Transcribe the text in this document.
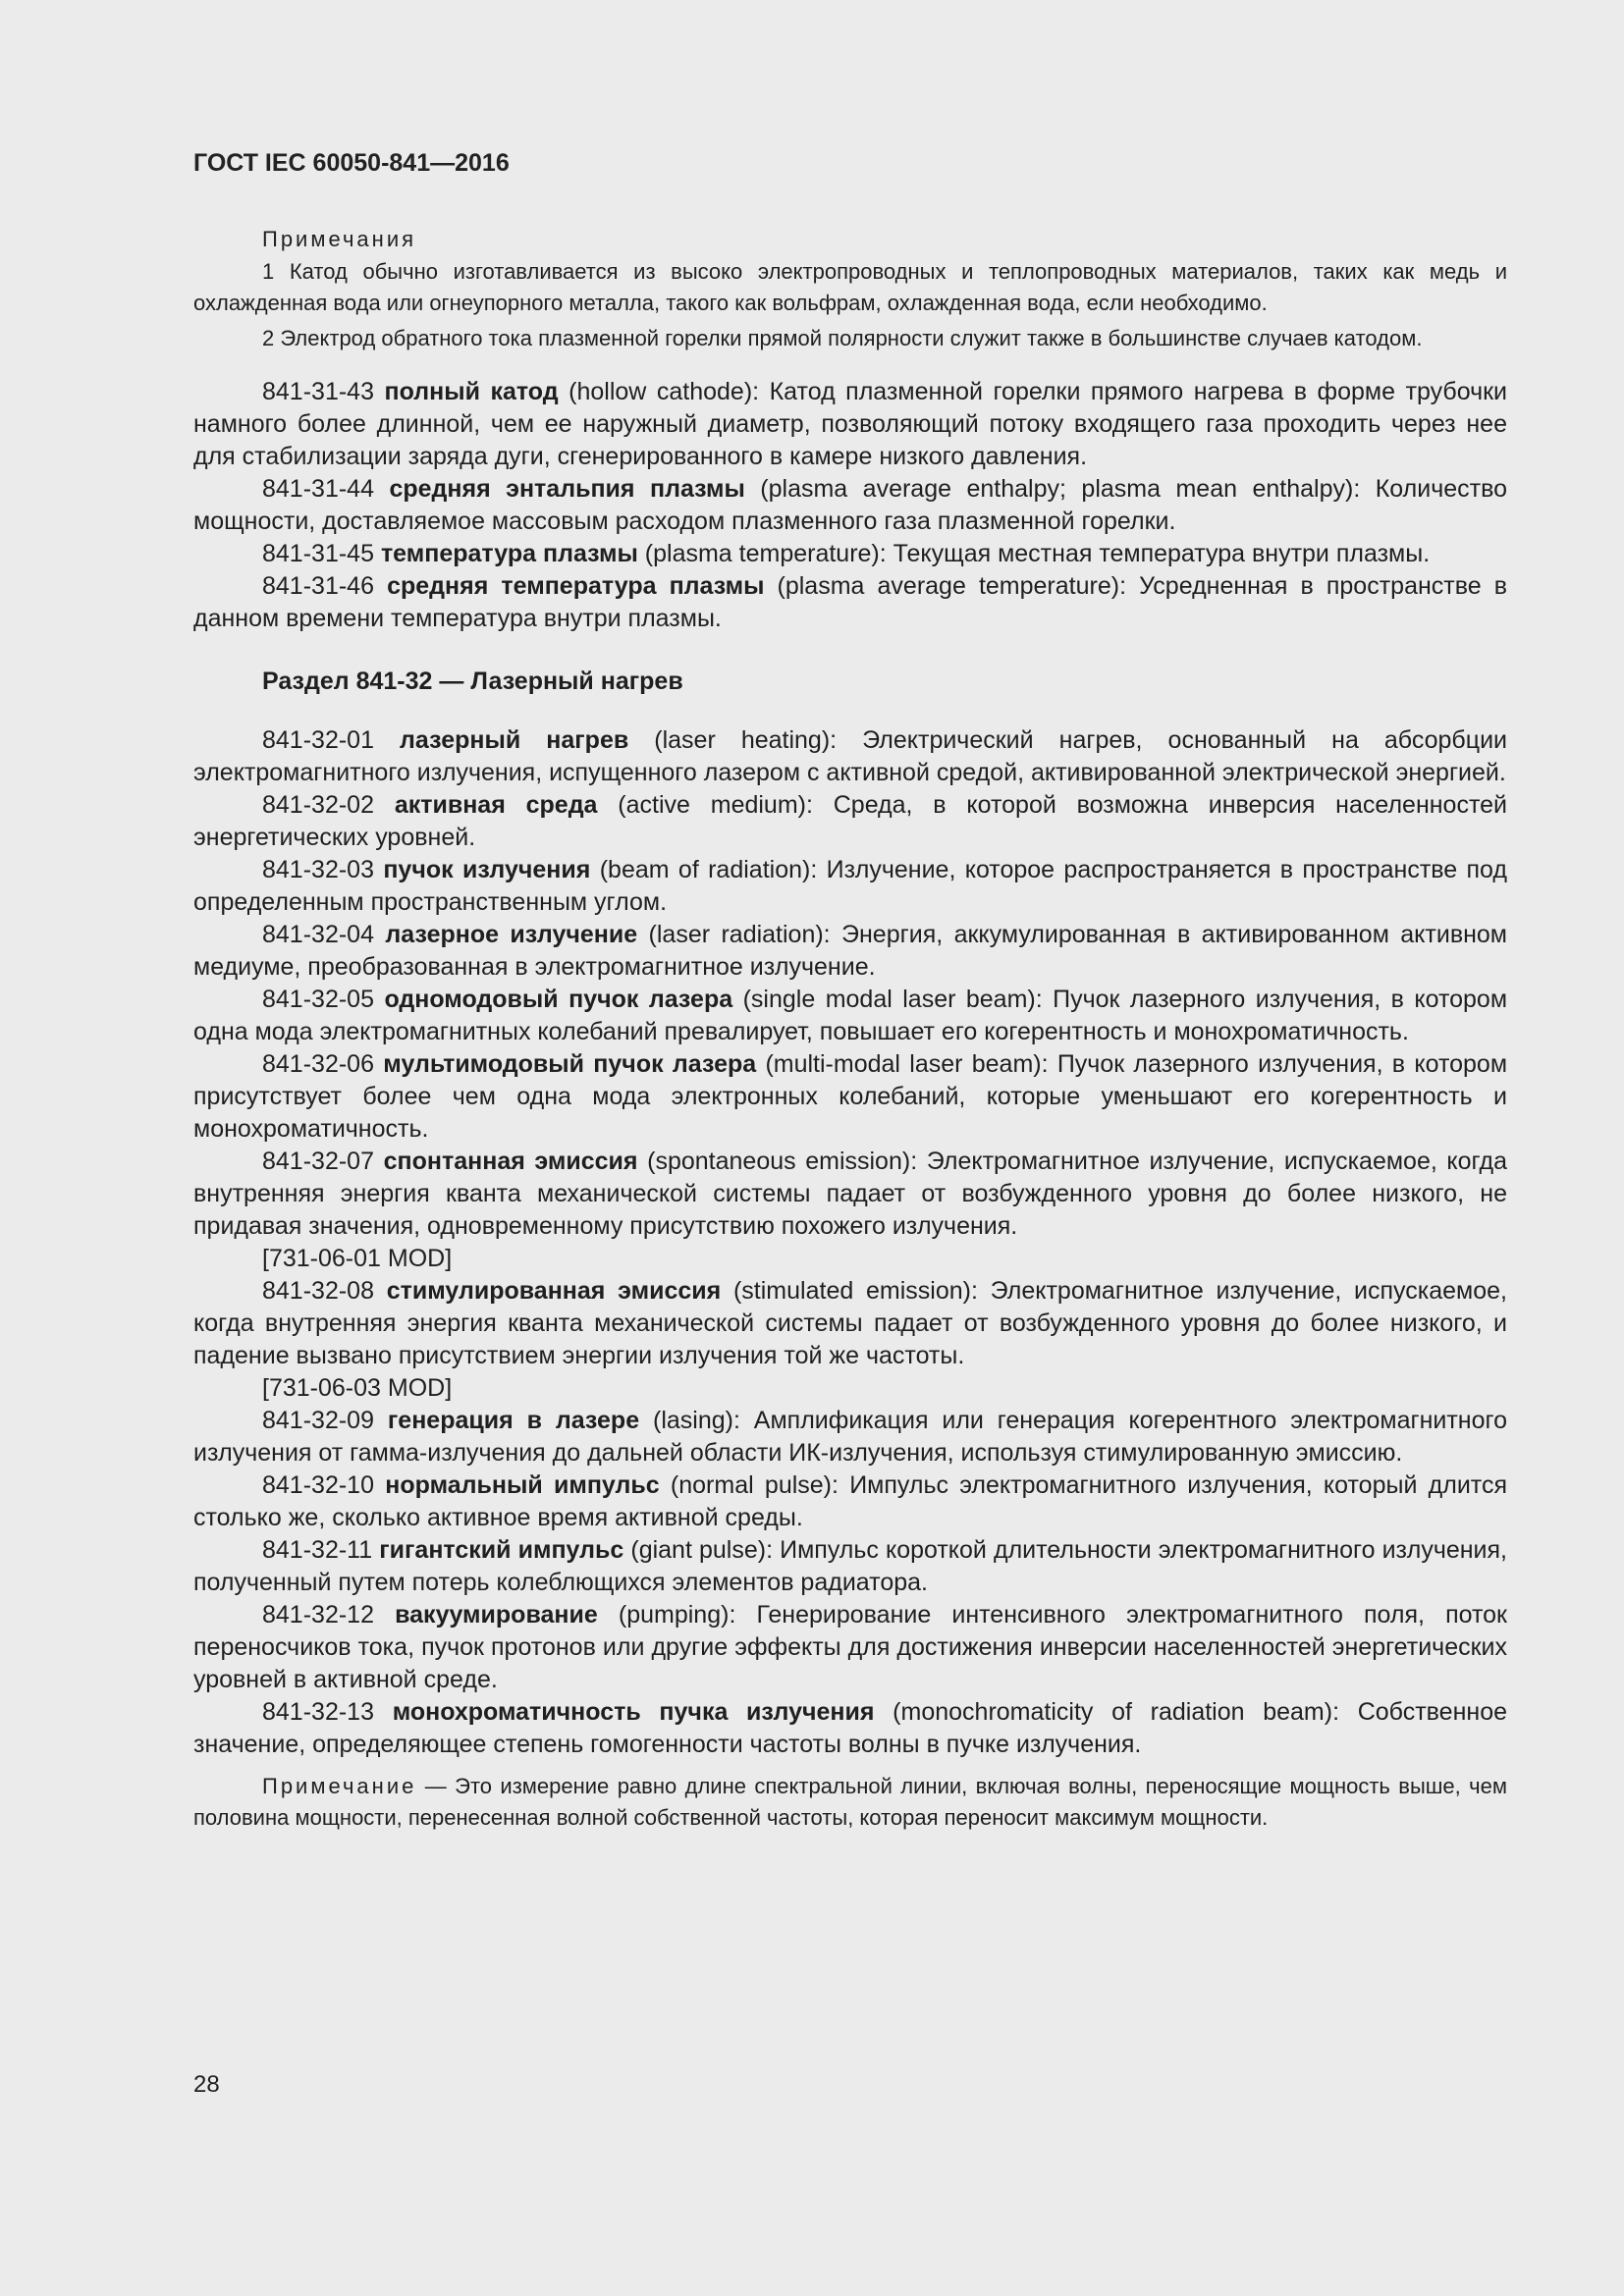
ГОСТ IEC 60050-841—2016
Примечания

1 Катод обычно изготавливается из высоко электропроводных и теплопроводных материалов, таких как медь и охлажденная вода или огнеупорного металла, такого как вольфрам, охлажденная вода, если необходимо.

2 Электрод обратного тока плазменной горелки прямой полярности служит также в большинстве случаев катодом.

841-31-43 полный катод (hollow cathode): Катод плазменной горелки прямого нагрева в форме трубочки намного более длинной, чем ее наружный диаметр, позволяющий потоку входящего газа проходить через нее для стабилизации заряда дуги, сгенерированного в камере низкого давления.

841-31-44 средняя энтальпия плазмы (plasma average enthalpy; plasma mean enthalpy): Количество мощности, доставляемое массовым расходом плазменного газа плазменной горелки.

841-31-45 температура плазмы (plasma temperature): Текущая местная температура внутри плазмы.

841-31-46 средняя температура плазмы (plasma average temperature): Усредненная в пространстве в данном времени температура внутри плазмы.

Раздел 841-32 — Лазерный нагрев

841-32-01 лазерный нагрев (laser heating): Электрический нагрев, основанный на абсорбции электромагнитного излучения, испущенного лазером с активной средой, активированной электрической энергией.

841-32-02 активная среда (active medium): Среда, в которой возможна инверсия населенностей энергетических уровней.

841-32-03 пучок излучения (beam of radiation): Излучение, которое распространяется в пространстве под определенным пространственным углом.

841-32-04 лазерное излучение (laser radiation): Энергия, аккумулированная в активированном активном медиуме, преобразованная в электромагнитное излучение.

841-32-05 одномодовый пучок лазера (single modal laser beam): Пучок лазерного излучения, в котором одна мода электромагнитных колебаний превалирует, повышает его когерентность и монохроматичность.

841-32-06 мультимодовый пучок лазера (multi-modal laser beam): Пучок лазерного излучения, в котором присутствует более чем одна мода электронных колебаний, которые уменьшают его когерентность и монохроматичность.

841-32-07 спонтанная эмиссия (spontaneous emission): Электромагнитное излучение, испускаемое, когда внутренняя энергия кванта механической системы падает от возбужденного уровня до более низкого, не придавая значения, одновременному присутствию похожего излучения.

[731-06-01 MOD]

841-32-08 стимулированная эмиссия (stimulated emission): Электромагнитное излучение, испускаемое, когда внутренняя энергия кванта механической системы падает от возбужденного уровня до более низкого, и падение вызвано присутствием энергии излучения той же частоты.

[731-06-03 MOD]

841-32-09 генерация в лазере (lasing): Амплификация или генерация когерентного электромагнитного излучения от гамма-излучения до дальней области ИК-излучения, используя стимулированную эмиссию.

841-32-10 нормальный импульс (normal pulse): Импульс электромагнитного излучения, который длится столько же, сколько активное время активной среды.

841-32-11 гигантский импульс (giant pulse): Импульс короткой длительности электромагнитного излучения, полученный путем потерь колеблющихся элементов радиатора.

841-32-12 вакуумирование (pumping): Генерирование интенсивного электромагнитного поля, поток переносчиков тока, пучок протонов или другие эффекты для достижения инверсии населенностей энергетических уровней в активной среде.

841-32-13 монохроматичность пучка излучения (monochromaticity of radiation beam): Собственное значение, определяющее степень гомогенности частоты волны в пучке излучения.

Примечание — Это измерение равно длине спектральной линии, включая волны, переносящие мощность выше, чем половина мощности, перенесенная волной собственной частоты, которая переносит максимум мощности.
28
